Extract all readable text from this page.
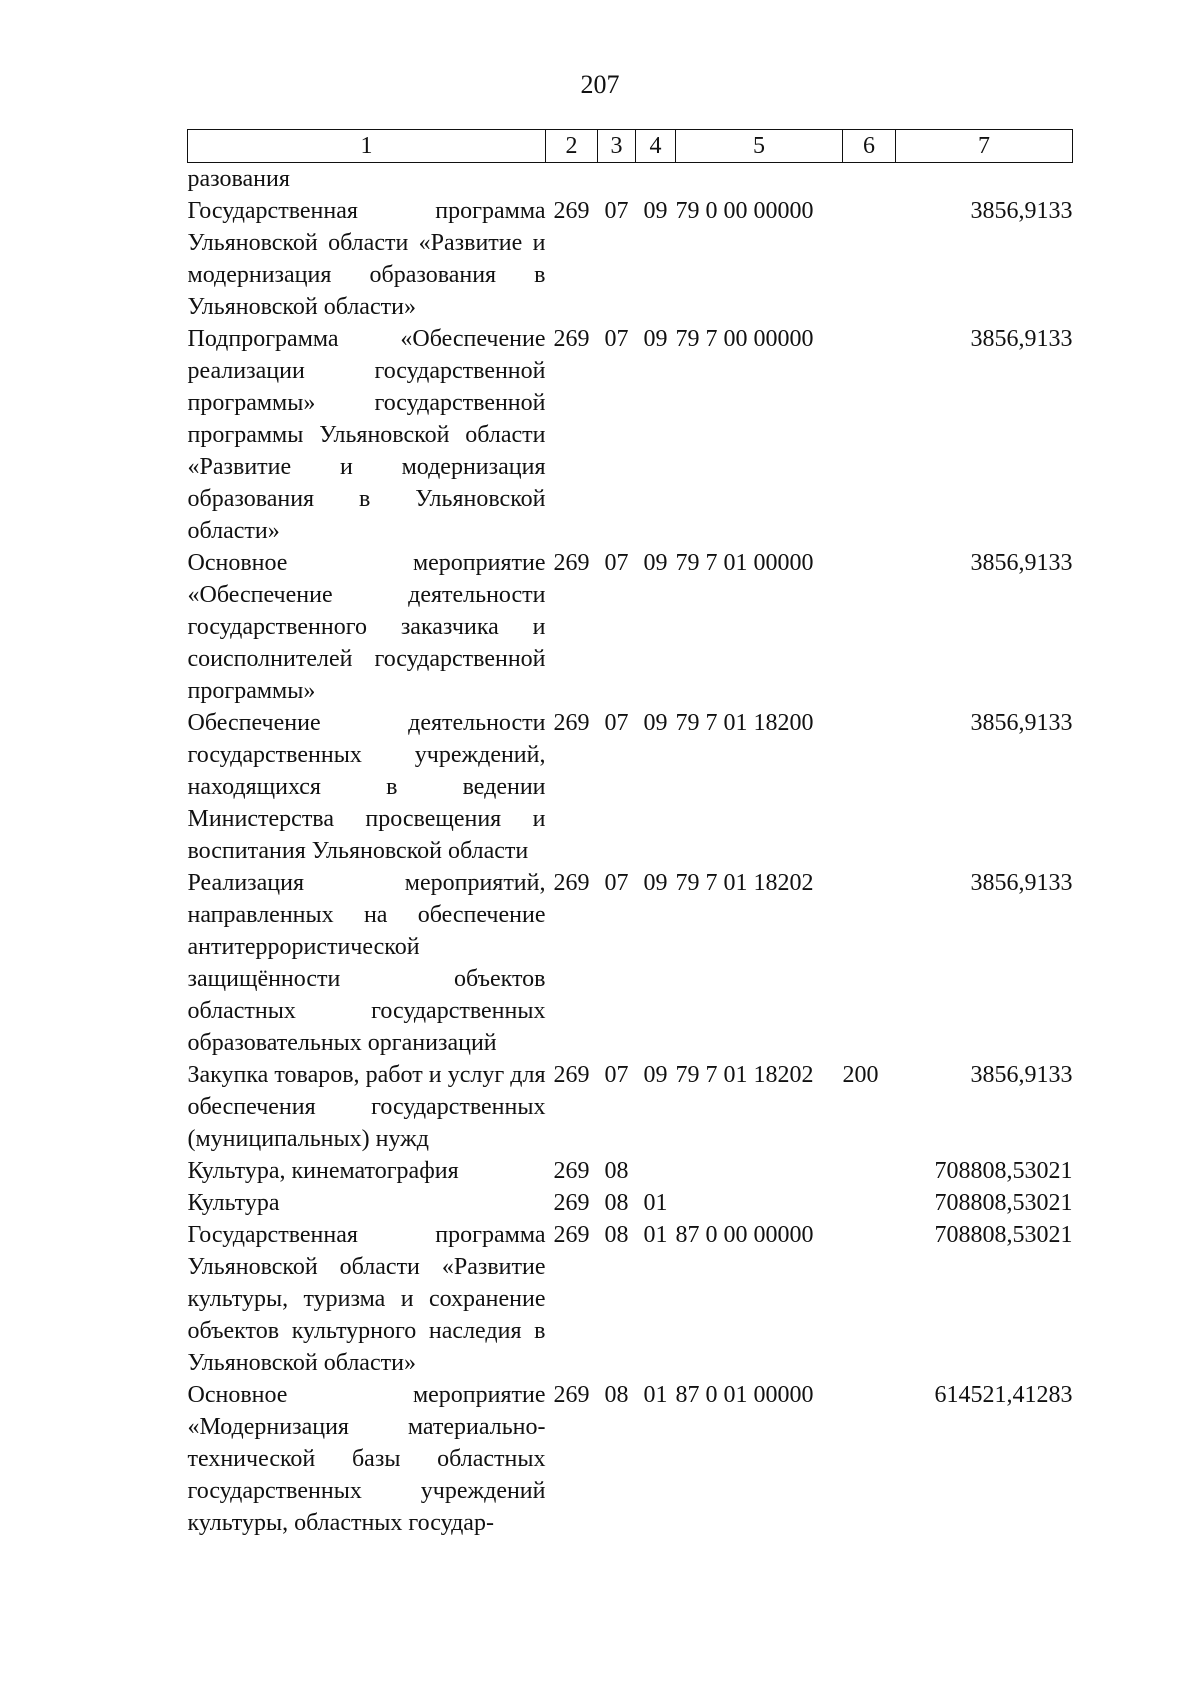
207
1	2	3	4	5	6	7
разования						
Государственная программа Ульяновской области «Развитие и модернизация образования в Ульяновской области»	269	07	09	79 0 00 00000		3856,9133
Подпрограмма «Обеспечение реализации государственной программы» государственной программы Ульяновской области «Развитие и модернизация образования в Ульяновской области»	269	07	09	79 7 00 00000		3856,9133
Основное мероприятие «Обеспечение деятельности государственного заказчика и соисполнителей государственной программы»	269	07	09	79 7 01 00000		3856,9133
Обеспечение деятельности государственных учреждений, находящихся в ведении Министерства просвещения и воспитания Ульяновской области	269	07	09	79 7 01 18200		3856,9133
Реализация мероприятий, направленных на обеспечение антитеррористической защищённости объектов областных государственных образовательных организаций	269	07	09	79 7 01 18202		3856,9133
Закупка товаров, работ и услуг для обеспечения государственных (муниципальных) нужд	269	07	09	79 7 01 18202	200	3856,9133
Культура, кинематография	269	08				708808,53021
Культура	269	08	01			708808,53021
Государственная программа Ульяновской области «Развитие культуры, туризма и сохранение объектов культурного наследия в Ульяновской области»	269	08	01	87 0 00 00000		708808,53021
Основное мероприятие «Модернизация материально-технической базы областных государственных учреждений культуры, областных государ-	269	08	01	87 0 01 00000		614521,41283
